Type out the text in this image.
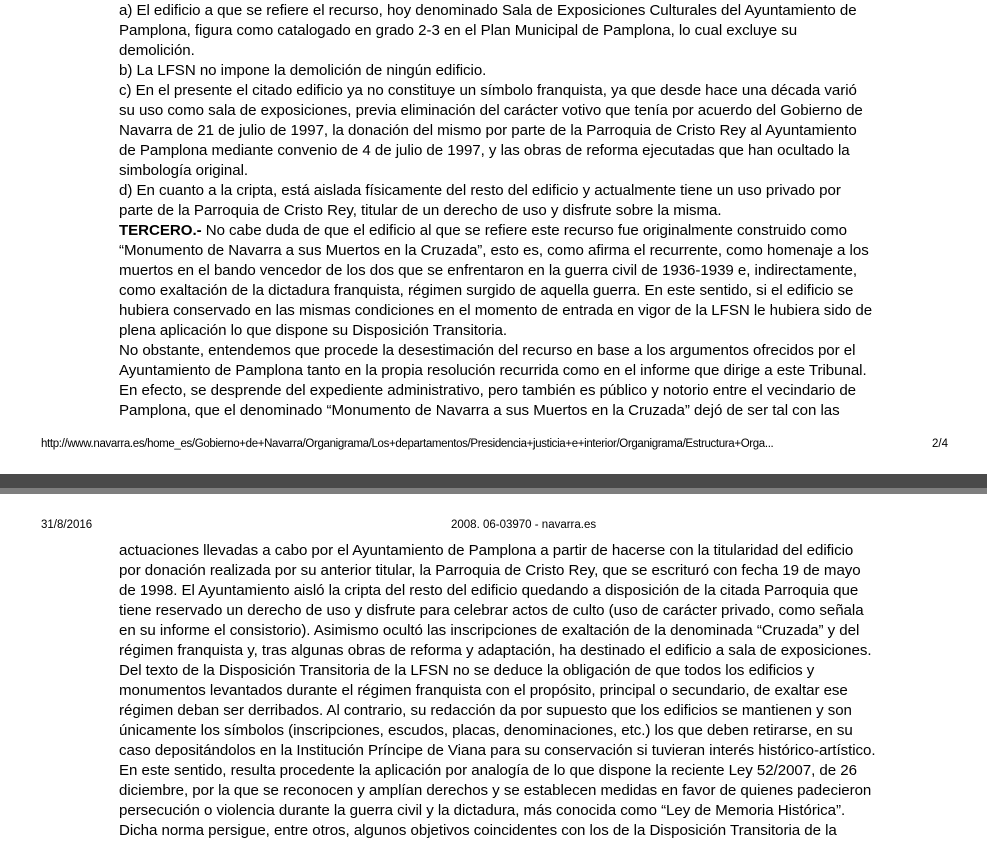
a) El edificio a que se refiere el recurso, hoy denominado Sala de Exposiciones Culturales del Ayuntamiento de
Pamplona, figura como catalogado en grado 2-3 en el Plan Municipal de Pamplona, lo cual excluye su
demolición.
b) La LFSN no impone la demolición de ningún edificio.
c) En el presente el citado edificio ya no constituye un símbolo franquista, ya que desde hace una década varió
su uso como sala de exposiciones, previa eliminación del carácter votivo que tenía por acuerdo del Gobierno de
Navarra de 21 de julio de 1997, la donación del mismo por parte de la Parroquia de Cristo Rey al Ayuntamiento
de Pamplona mediante convenio de 4 de julio de 1997, y las obras de reforma ejecutadas que han ocultado la
simbología original.
d) En cuanto a la cripta, está aislada físicamente del resto del edificio y actualmente tiene un uso privado por
parte de la Parroquia de Cristo Rey, titular de un derecho de uso y disfrute sobre la misma.
TERCERO.- No cabe duda de que el edificio al que se refiere este recurso fue originalmente construido como
“Monumento de Navarra a sus Muertos en la Cruzada”, esto es, como afirma el recurrente, como homenaje a los
muertos en el bando vencedor de los dos que se enfrentaron en la guerra civil de 1936-1939 e, indirectamente,
como exaltación de la dictadura franquista, régimen surgido de aquella guerra. En este sentido, si el edificio se
hubiera conservado en las mismas condiciones en el momento de entrada en vigor de la LFSN le hubiera sido de
plena aplicación lo que dispone su Disposición Transitoria.
No obstante, entendemos que procede la desestimación del recurso en base a los argumentos ofrecidos por el
Ayuntamiento de Pamplona tanto en la propia resolución recurrida como en el informe que dirige a este Tribunal.
En efecto, se desprende del expediente administrativo, pero también es público y notorio entre el vecindario de
Pamplona, que el denominado “Monumento de Navarra a sus Muertos en la Cruzada” dejó de ser tal con las
http://www.navarra.es/home_es/Gobierno+de+Navarra/Organigrama/Los+departamentos/Presidencia+justicia+e+interior/Organigrama/Estructura+Orga...	2/4
31/8/2016	2008. 06-03970 - navarra.es
actuaciones llevadas a cabo por el Ayuntamiento de Pamplona a partir de hacerse con la titularidad del edificio
por donación realizada por su anterior titular, la Parroquia de Cristo Rey, que se escrituró con fecha 19 de mayo
de 1998. El Ayuntamiento aisló la cripta del resto del edificio quedando a disposición de la citada Parroquia que
tiene reservado un derecho de uso y disfrute para celebrar actos de culto (uso de carácter privado, como señala
en su informe el consistorio). Asimismo ocultó las inscripciones de exaltación de la denominada “Cruzada” y del
régimen franquista y, tras algunas obras de reforma y adaptación, ha destinado el edificio a sala de exposiciones.
Del texto de la Disposición Transitoria de la LFSN no se deduce la obligación de que todos los edificios y
monumentos levantados durante el régimen franquista con el propósito, principal o secundario, de exaltar ese
régimen deban ser derribados. Al contrario, su redacción da por supuesto que los edificios se mantienen y son
únicamente los símbolos (inscripciones, escudos, placas, denominaciones, etc.) los que deben retirarse, en su
caso depositándolos en la Institución Príncipe de Viana para su conservación si tuvieran interés histórico-artístico.
En este sentido, resulta procedente la aplicación por analogía de lo que dispone la reciente Ley 52/2007, de 26
diciembre, por la que se reconocen y amplían derechos y se establecen medidas en favor de quienes padecieron
persecución o violencia durante la guerra civil y la dictadura, más conocida como “Ley de Memoria Histórica”.
Dicha norma persigue, entre otros, algunos objetivos coincidentes con los de la Disposición Transitoria de la
